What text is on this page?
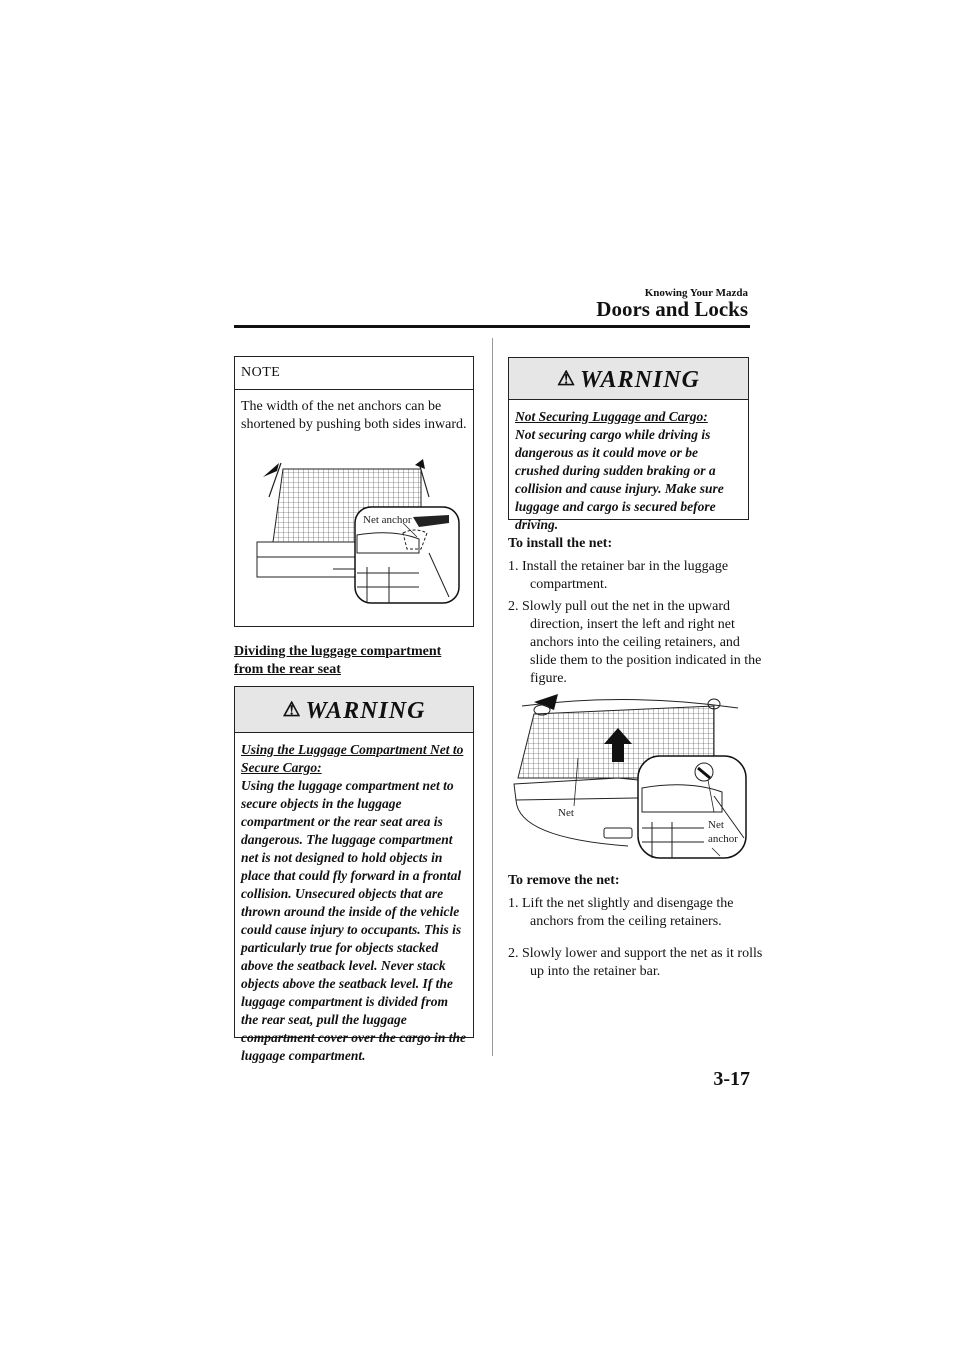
Knowing Your Mazda
Doors and Locks
NOTE
The width of the net anchors can be shortened by pushing both sides inward.
Net anchor
Dividing the luggage compartment from the rear seat
⚠ WARNING
Using the Luggage Compartment Net to Secure Cargo:
Using the luggage compartment net to secure objects in the luggage compartment or the rear seat area is dangerous. The luggage compartment net is not designed to hold objects in place that could fly forward in a frontal collision. Unsecured objects that are thrown around the inside of the vehicle could cause injury to occupants. This is particularly true for objects stacked above the seatback level. Never stack objects above the seatback level. If the luggage compartment is divided from the rear seat, pull the luggage compartment cover over the cargo in the luggage compartment.
⚠ WARNING
Not Securing Luggage and Cargo:
Not securing cargo while driving is dangerous as it could move or be crushed during sudden braking or a collision and cause injury. Make sure luggage and cargo is secured before driving.
To install the net:
1. Install the retainer bar in the luggage compartment.
2. Slowly pull out the net in the upward direction, insert the left and right net anchors into the ceiling retainers, and slide them to the position indicated in the figure.
Net
Net
anchor
To remove the net:
1. Lift the net slightly and disengage the anchors from the ceiling retainers.
2. Slowly lower and support the net as it rolls up into the retainer bar.
3-17
